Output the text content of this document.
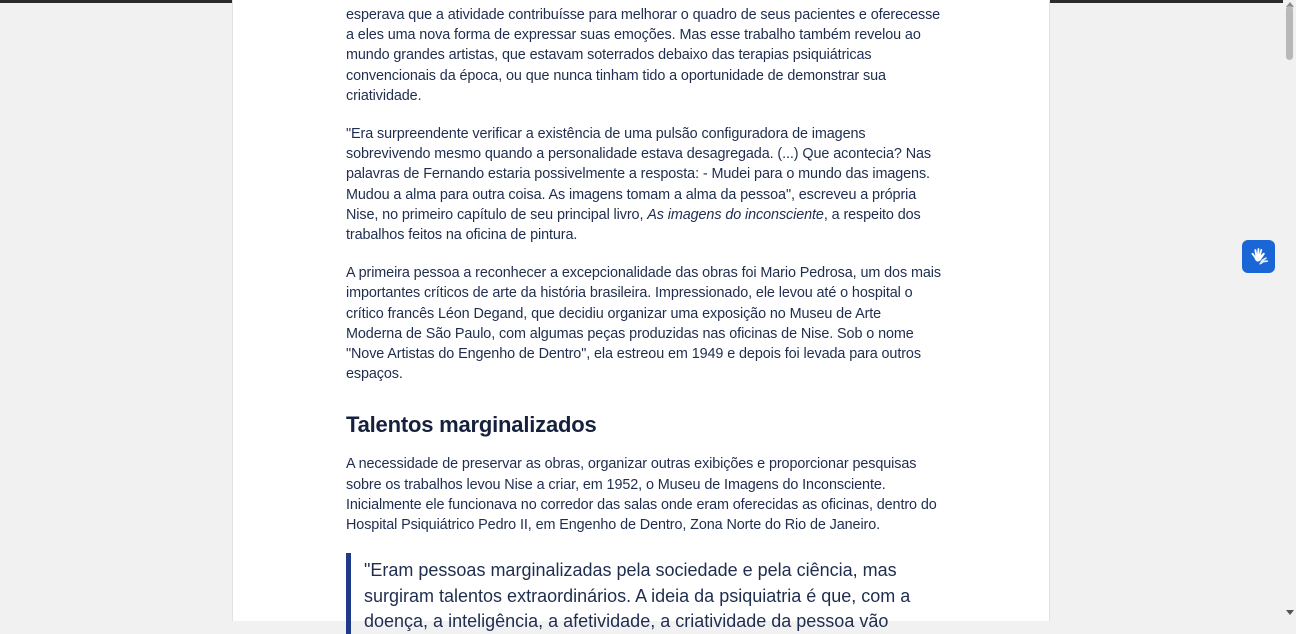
esperava que a atividade contribuísse para melhorar o quadro de seus pacientes e oferecesse a eles uma nova forma de expressar suas emoções. Mas esse trabalho também revelou ao mundo grandes artistas, que estavam soterrados debaixo das terapias psiquiátricas convencionais da época, ou que nunca tinham tido a oportunidade de demonstrar sua criatividade.

"Era surpreendente verificar a existência de uma pulsão configuradora de imagens sobrevivendo mesmo quando a personalidade estava desagregada. (...) Que acontecia? Nas palavras de Fernando estaria possivelmente a resposta: - Mudei para o mundo das imagens. Mudou a alma para outra coisa. As imagens tomam a alma da pessoa", escreveu a própria Nise, no primeiro capítulo de seu principal livro, As imagens do inconsciente, a respeito dos trabalhos feitos na oficina de pintura.

A primeira pessoa a reconhecer a excepcionalidade das obras foi Mario Pedrosa, um dos mais importantes críticos de arte da história brasileira. Impressionado, ele levou até o hospital o crítico francês Léon Degand, que decidiu organizar uma exposição no Museu de Arte Moderna de São Paulo, com algumas peças produzidas nas oficinas de Nise. Sob o nome "Nove Artistas do Engenho de Dentro", ela estreou em 1949 e depois foi levada para outros espaços.

Talentos marginalizados

A necessidade de preservar as obras, organizar outras exibições e proporcionar pesquisas sobre os trabalhos levou Nise a criar, em 1952, o Museu de Imagens do Inconsciente. Inicialmente ele funcionava no corredor das salas onde eram oferecidas as oficinas, dentro do Hospital Psiquiátrico Pedro II, em Engenho de Dentro, Zona Norte do Rio de Janeiro.

"Eram pessoas marginalizadas pela sociedade e pela ciência, mas surgiram talentos extraordinários. A ideia da psiquiatria é que, com a doença, a inteligência, a afetividade, a criatividade da pessoa vão
